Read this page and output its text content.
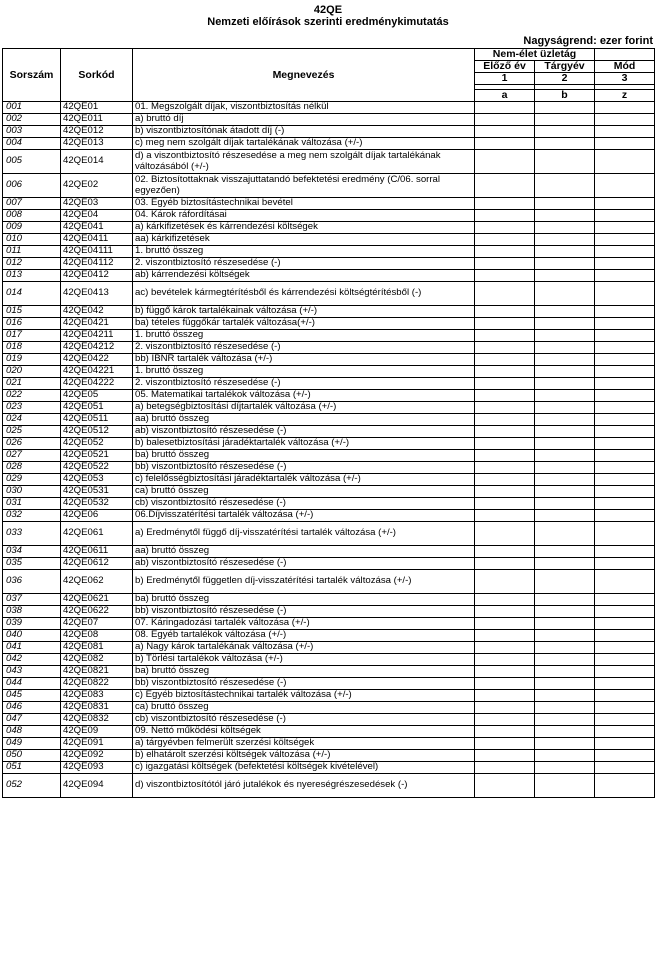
42QE
Nemzeti előírások szerinti eredménykimutatás
Nagyságrend: ezer forint
Sorszám	Sorkód	Megnevezés	Nem-élet üzletág		
			Előző év	Tárgyév	Mód
			1	2	3

			a	b	z
001	42QE01	01. Megszolgált díjak, viszontbiztosítás nélkül			
002	42QE011	a) bruttó díj			
003	42QE012	b) viszontbiztosítónak átadott díj (-)			
004	42QE013	c) meg nem szolgált díjak tartalékának változása (+/-)			
005	42QE014	d) a viszontbiztosító részesedése a meg nem szolgált díjak tartalékának változásából (+/-)			
006	42QE02	02. Biztosítottaknak visszajuttatandó befektetési eredmény (C/06. sorral egyezően)			
007	42QE03	03. Egyéb biztosítástechnikai bevétel			
008	42QE04	04. Károk ráfordításai			
009	42QE041	a) kárkifizetések és kárrendezési költségek			
010	42QE0411	aa) kárkifizetések			
011	42QE04111	1. bruttó összeg			
012	42QE04112	2. viszontbiztosító részesedése (-)			
013	42QE0412	ab) kárrendezési költségek			
014	42QE0413	ac) bevételek kármegtérítésből és kárrendezési költségtérítésből (-)			
015	42QE042	b) függő károk tartalékainak változása (+/-)			
016	42QE0421	ba) tételes függőkár tartalék változása(+/-)			
017	42QE04211	1. bruttó összeg			
018	42QE04212	2. viszontbiztosító részesedése (-)			
019	42QE0422	bb) IBNR tartalék változása (+/-)			
020	42QE04221	1. bruttó összeg			
021	42QE04222	2. viszontbiztosító részesedése (-)			
022	42QE05	05. Matematikai tartalékok változása (+/-)			
023	42QE051	a) betegségbiztosítási díjtartalék változása (+/-)			
024	42QE0511	aa) bruttó összeg			
025	42QE0512	ab) viszontbiztosító részesedése (-)			
026	42QE052	b) balesetbiztosítási járadéktartalék változása (+/-)			
027	42QE0521	ba) bruttó összeg			
028	42QE0522	bb) viszontbiztosító részesedése (-)			
029	42QE053	c) felelősségbiztosítási járadéktartalék változása (+/-)			
030	42QE0531	ca) bruttó összeg			
031	42QE0532	cb) viszontbiztosító részesedése (-)			
032	42QE06	06.Díjvisszatérítési tartalék változása (+/-)			
033	42QE061	a) Eredménytől függő díj-visszatérítési tartalék változása (+/-)			
034	42QE0611	aa) bruttó összeg			
035	42QE0612	ab) viszontbiztosító részesedése (-)			
036	42QE062	b) Eredménytől független díj-visszatérítési tartalék változása (+/-)			
037	42QE0621	ba) bruttó összeg			
038	42QE0622	bb) viszontbiztosító részesedése (-)			
039	42QE07	07. Káringadozási tartalék változása (+/-)			
040	42QE08	08. Egyéb tartalékok változása (+/-)			
041	42QE081	a) Nagy károk tartalékának változása (+/-)			
042	42QE082	b) Törlési tartalékok változása (+/-)			
043	42QE0821	ba) bruttó összeg			
044	42QE0822	bb) viszontbiztosító részesedése (-)			
045	42QE083	c) Egyéb biztosítástechnikai tartalék változása (+/-)			
046	42QE0831	ca) bruttó összeg			
047	42QE0832	cb) viszontbiztosító részesedése (-)			
048	42QE09	09. Nettó működési költségek			
049	42QE091	a) tárgyévben felmerült szerzési költségek			
050	42QE092	b) elhatárolt szerzési költségek változása (+/-)			
051	42QE093	c) igazgatási költségek (befektetési költségek kivételével)			
052	42QE094	d) viszontbiztosítótól járó jutalékok és nyereségrészesedések (-)			
